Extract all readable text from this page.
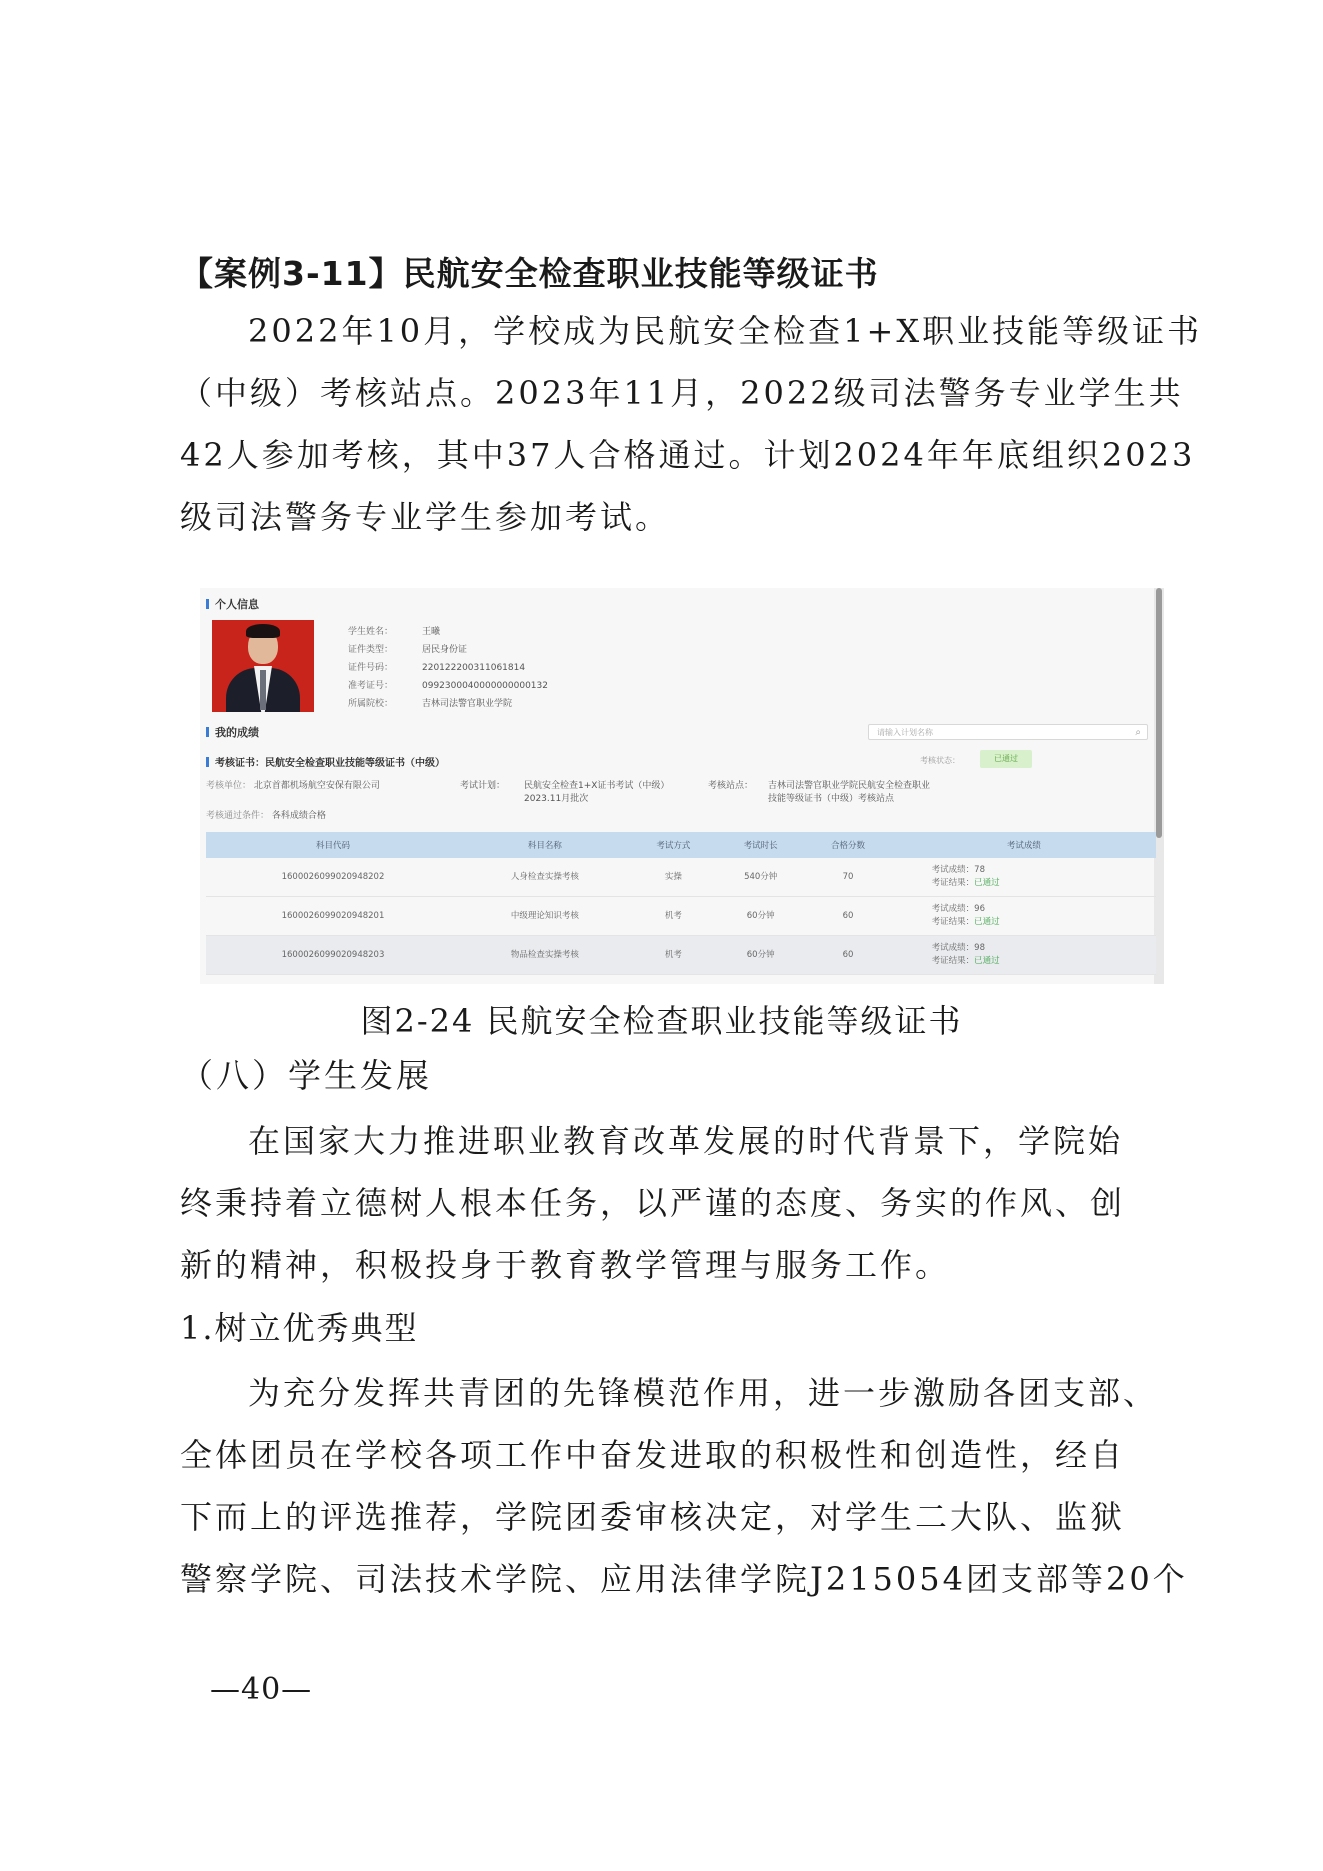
【案例3-11】民航安全检查职业技能等级证书
2022年10月，学校成为民航安全检查1+X职业技能等级证书
（中级）考核站点。2023年11月，2022级司法警务专业学生共
42人参加考核，其中37人合格通过。计划2024年年底组织2023
级司法警务专业学生参加考试。
个人信息
学生姓名：	王曦
证件类型：	居民身份证
证件号码：	220122200311061814
准考证号：	0992300040000000000132
所属院校：	吉林司法警官职业学院
我的成绩	请输入计划名称	⌕
考核证书：民航安全检查职业技能等级证书（中级）	考核状态：	已通过
考核单位： 北京首都机场航空安保有限公司	考试计划： 民航安全检查1+X证书考试（中级）
2023.11月批次
考核站点： 吉林司法警官职业学院民航安全检查职业
技能等级证书（中级）考核站点
考核通过条件： 各科成绩合格
科目代码	科目名称	考试方式	考试时长	合格分数	考试成绩
160002609902094820​2	人身检查实操考核	实操	540分钟	70	考试成绩：78
考证结果：已通过

1600026099020948201	中级理论知识考核	机考	60分钟	60	考试成绩：96
考证结果：已通过

1600026099020948203	物品检查实操考核	机考	60分钟	60	考试成绩：98
考证结果：已通过
图2-24 民航安全检查职业技能等级证书
（八）学生发展
在国家大力推进职业教育改革发展的时代背景下，学院始
终秉持着立德树人根本任务，以严谨的态度、务实的作风、创
新的精神，积极投身于教育教学管理与服务工作。
1.树立优秀典型
为充分发挥共青团的先锋模范作用，进一步激励各团支部、
全体团员在学校各项工作中奋发进取的积极性和创造性，经自
下而上的评选推荐，学院团委审核决定，对学生二大队、监狱
警察学院、司法技术学院、应用法律学院J215054团支部等20个
—40—
